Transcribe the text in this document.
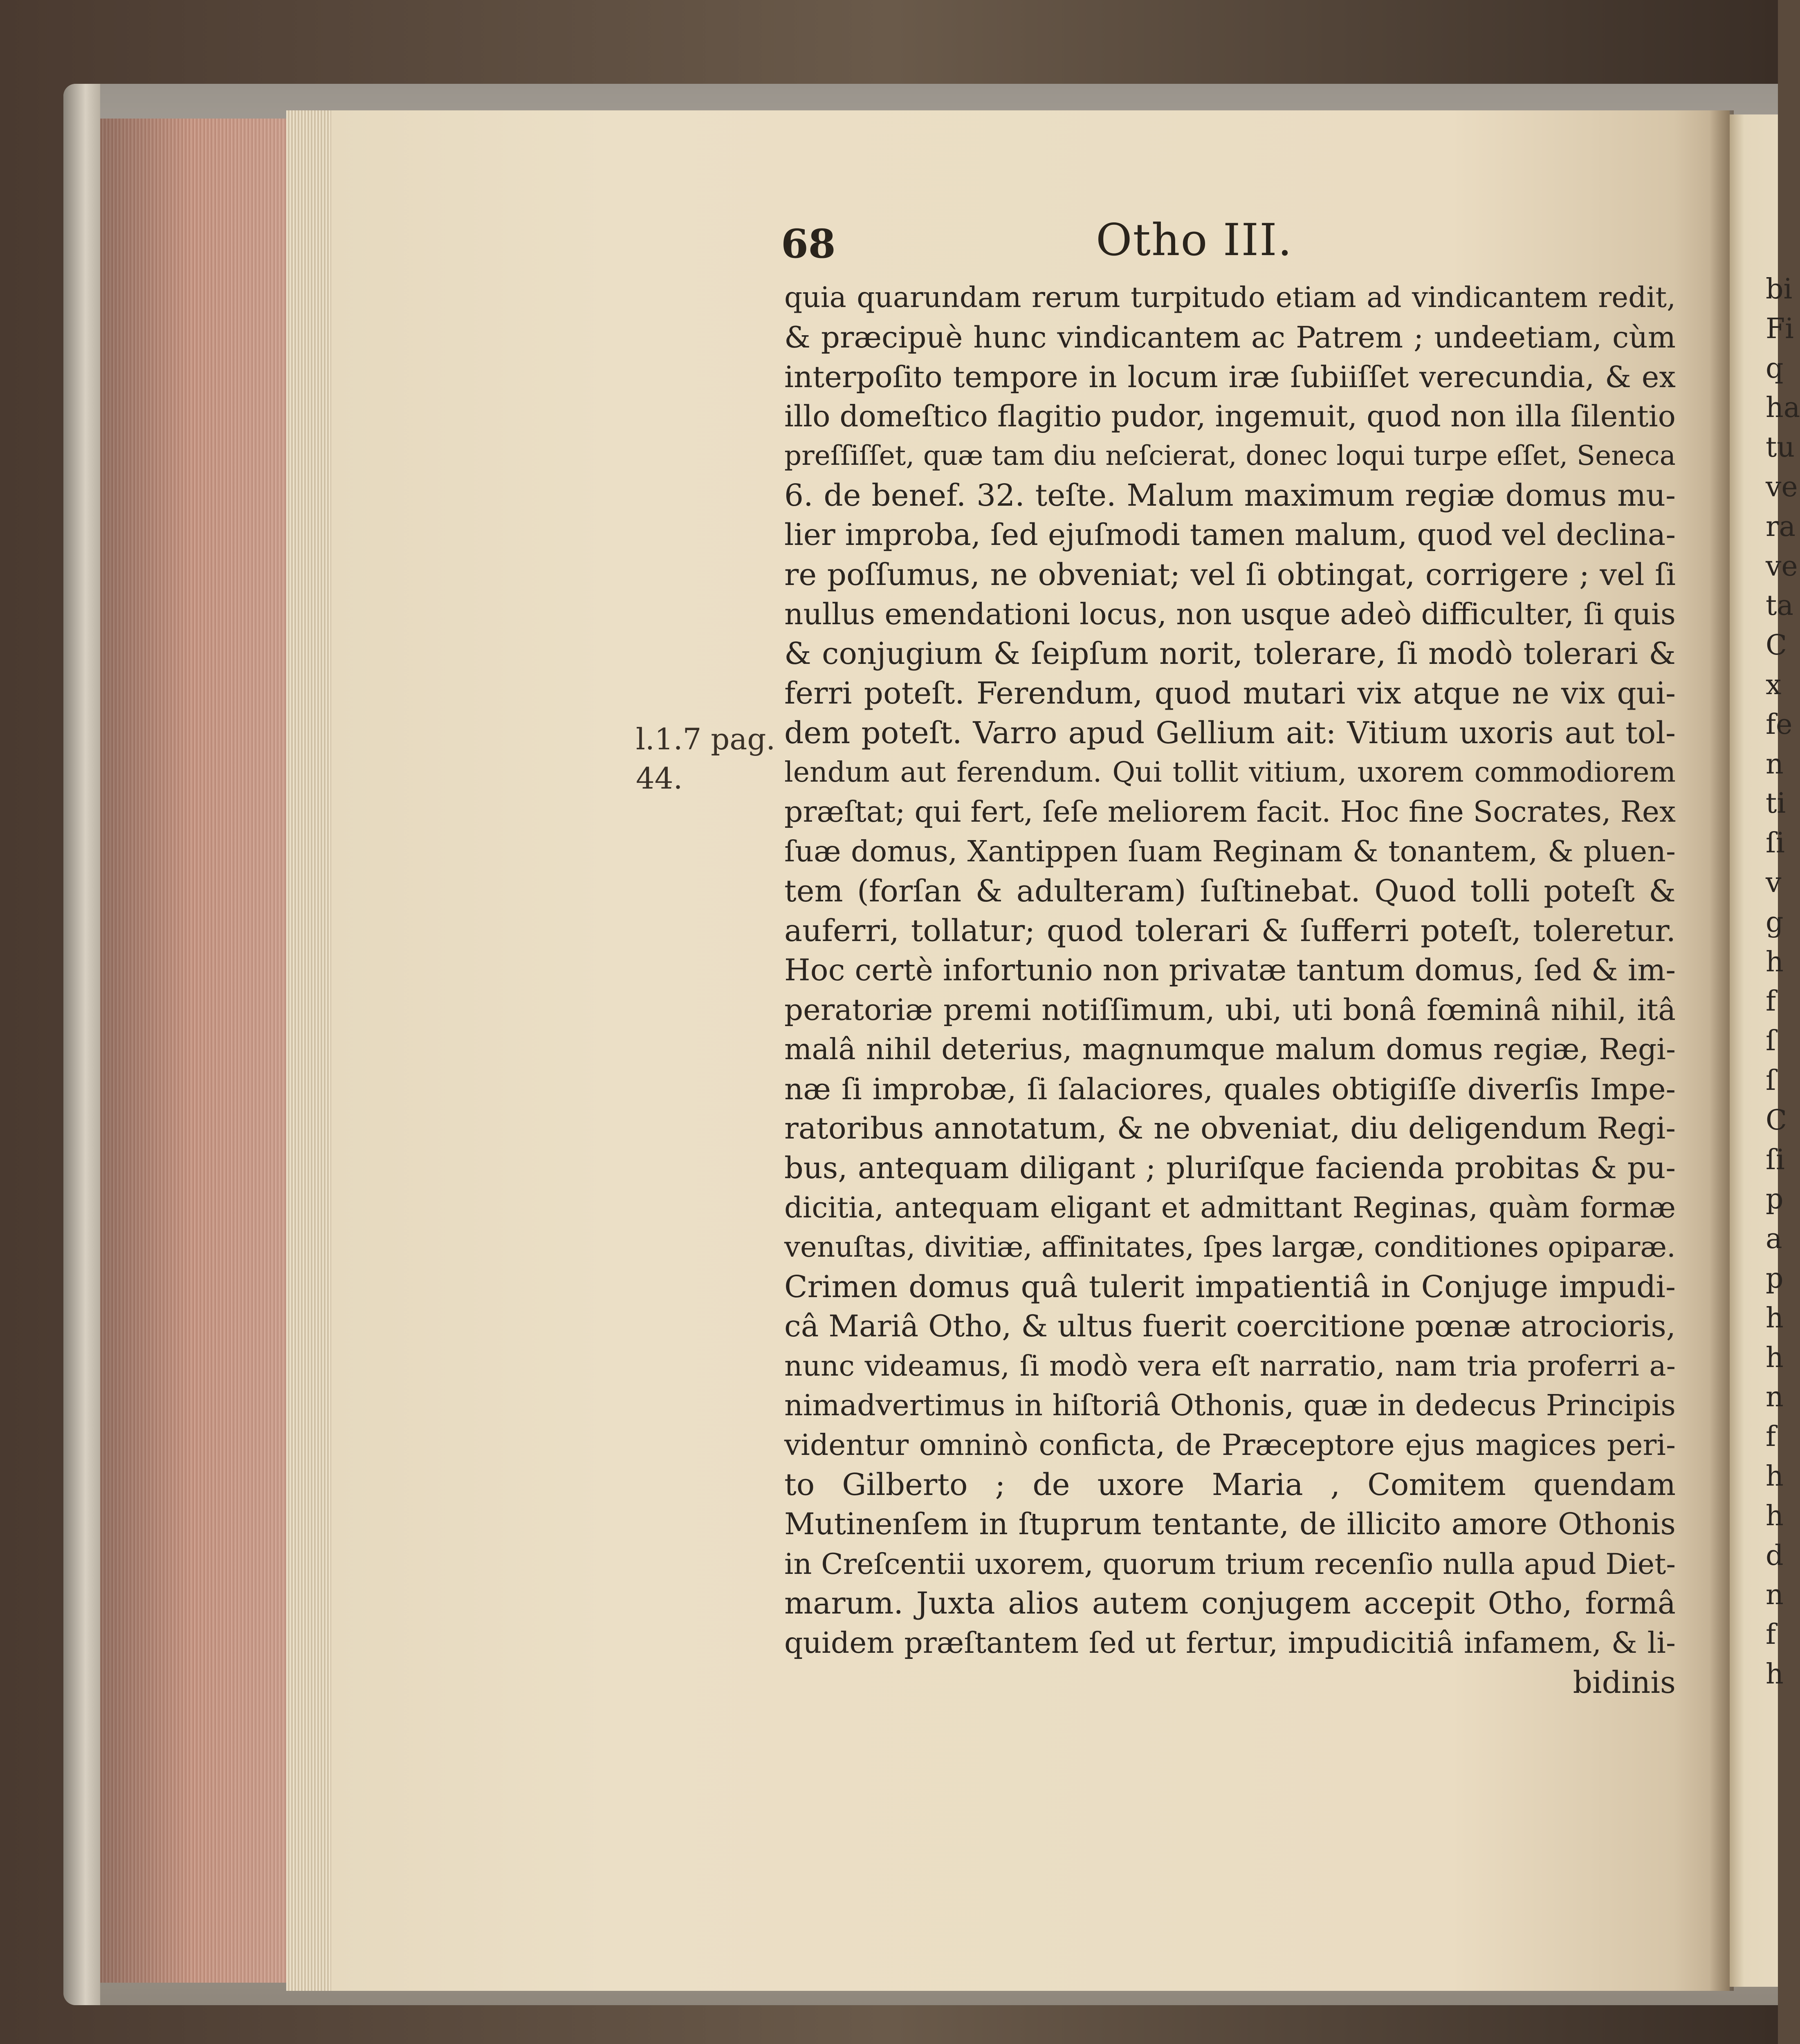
68	Otho III.
l.1.7 pag.
44.
quia quarundam rerum turpitudo etiam ad vindicantem redit,
& præcipuè hunc vindicantem ac Patrem ; undeetiam, cùm
interpoſito tempore in locum iræ ſubiiſſet verecundia, & ex
illo domeſtico flagitio pudor, ingemuit, quod non illa ſilentio
preſſiſſet, quæ tam diu neſcierat, donec loqui turpe eſſet, Seneca
6. de benef. 32. teſte. Malum maximum regiæ domus mu-
lier improba, ſed ejuſmodi tamen malum, quod vel declina-
re poſſumus, ne obveniat; vel ſi obtingat, corrigere ; vel ſi
nullus emendationi locus, non usque adeò difficulter, ſi quis
& conjugium & ſeipſum norit, tolerare, ſi modò tolerari &
ferri poteſt. Ferendum, quod mutari vix atque ne vix qui-
dem poteſt. Varro apud Gellium ait: Vitium uxoris aut tol-
lendum aut ferendum. Qui tollit vitium, uxorem commodiorem
præſtat; qui fert, ſeſe meliorem facit. Hoc fine Socrates, Rex
ſuæ domus, Xantippen ſuam Reginam & tonantem, & pluen-
tem (forſan & adulteram) ſuſtinebat. Quod tolli poteſt &
auferri, tollatur; quod tolerari & ſufferri poteſt, toleretur.
Hoc certè infortunio non privatæ tantum domus, ſed & im-
peratoriæ premi notiſſimum, ubi, uti bonâ fœminâ nihil, itâ
malâ nihil deterius, magnumque malum domus regiæ, Regi-
næ ſi improbæ, ſi ſalaciores, quales obtigiſſe diverſis Impe-
ratoribus annotatum, & ne obveniat, diu deligendum Regi-
bus, antequam diligant ; pluriſque facienda probitas & pu-
dicitia, antequam eligant et admittant Reginas, quàm formæ
venuſtas, divitiæ, affinitates, ſpes largæ, conditiones opiparæ.
Crimen domus quâ tulerit impatientiâ in Conjuge impudi-
câ Mariâ Otho, & ultus fuerit coercitione pœnæ atrocioris,
nunc videamus, ſi modò vera eſt narratio, nam tria proferri a-
nimadvertimus in hiſtoriâ Othonis, quæ in dedecus Principis
videntur omninò confictа, de Præceptore ejus magices peri-
to Gilberto ; de uxore Maria , Comitem quendam
Mutinenſem in ſtuprum tentante, de illicito amore Othonis
in Creſcentii uxorem, quorum trium recenſio nulla apud Diet-
marum. Juxta alios autem conjugem accepit Otho, formâ
quidem præſtantem ſed ut fertur, impudicitiâ infamem, & li-
bidinis
bi
Fi
q
ha
tu
ve
ra
ve
ta
C
x
fe
n
ti
ſi
v
g
h
f
ſ
ſ
C
ſi
p
a
p
h
h
n
f
h
h
d
n
f
h
